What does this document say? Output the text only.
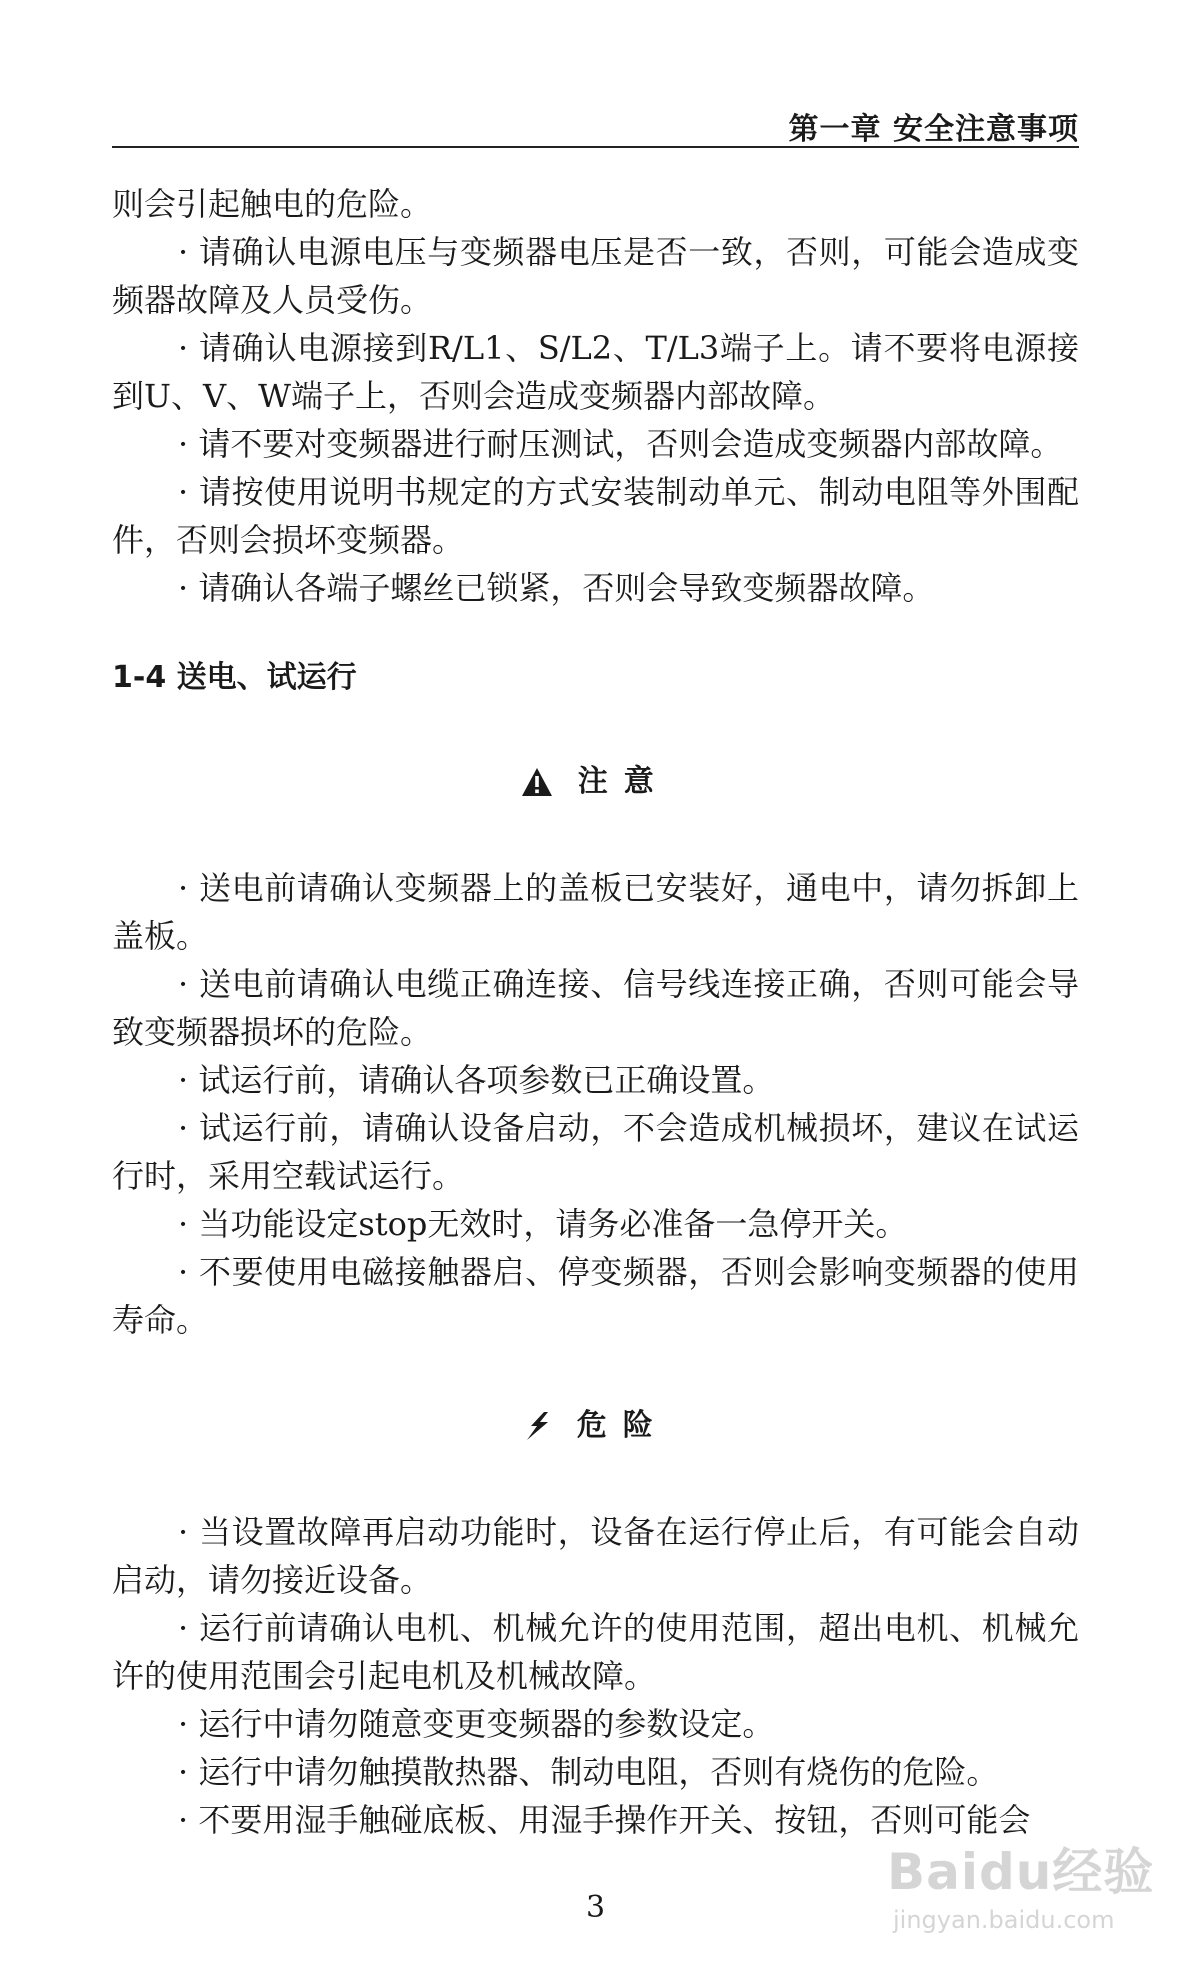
第一章 安全注意事项

则会引起触电的危险。

· 请确认电源电压与变频器电压是否一致，否则，可能会造成变频器故障及人员受伤。

· 请确认电源接到R/L1、S/L2、T/L3端子上。请不要将电源接到U、V、W端子上，否则会造成变频器内部故障。

· 请不要对变频器进行耐压测试，否则会造成变频器内部故障。

· 请按使用说明书规定的方式安装制动单元、制动电阻等外围配件，否则会损坏变频器。

· 请确认各端子螺丝已锁紧，否则会导致变频器故障。

1-4 送电、试运行
注意

· 送电前请确认变频器上的盖板已安装好，通电中，请勿拆卸上盖板。

· 送电前请确认电缆正确连接、信号线连接正确，否则可能会导致变频器损坏的危险。

· 试运行前，请确认各项参数已正确设置。

· 试运行前，请确认设备启动，不会造成机械损坏，建议在试运行时，采用空载试运行。

· 当功能设定stop无效时，请务必准备一急停开关。

· 不要使用电磁接触器启、停变频器，否则会影响变频器的使用寿命。

危险

· 当设置故障再启动功能时，设备在运行停止后，有可能会自动启动，请勿接近设备。

· 运行前请确认电机、机械允许的使用范围，超出电机、机械允许的使用范围会引起电机及机械故障。

· 运行中请勿随意变更变频器的参数设定。

· 运行中请勿触摸散热器、制动电阻，否则有烧伤的危险。

· 不要用湿手触碰底板、用湿手操作开关、按钮，否则可能会

3
Baidu经验
jingyan.baidu.com
